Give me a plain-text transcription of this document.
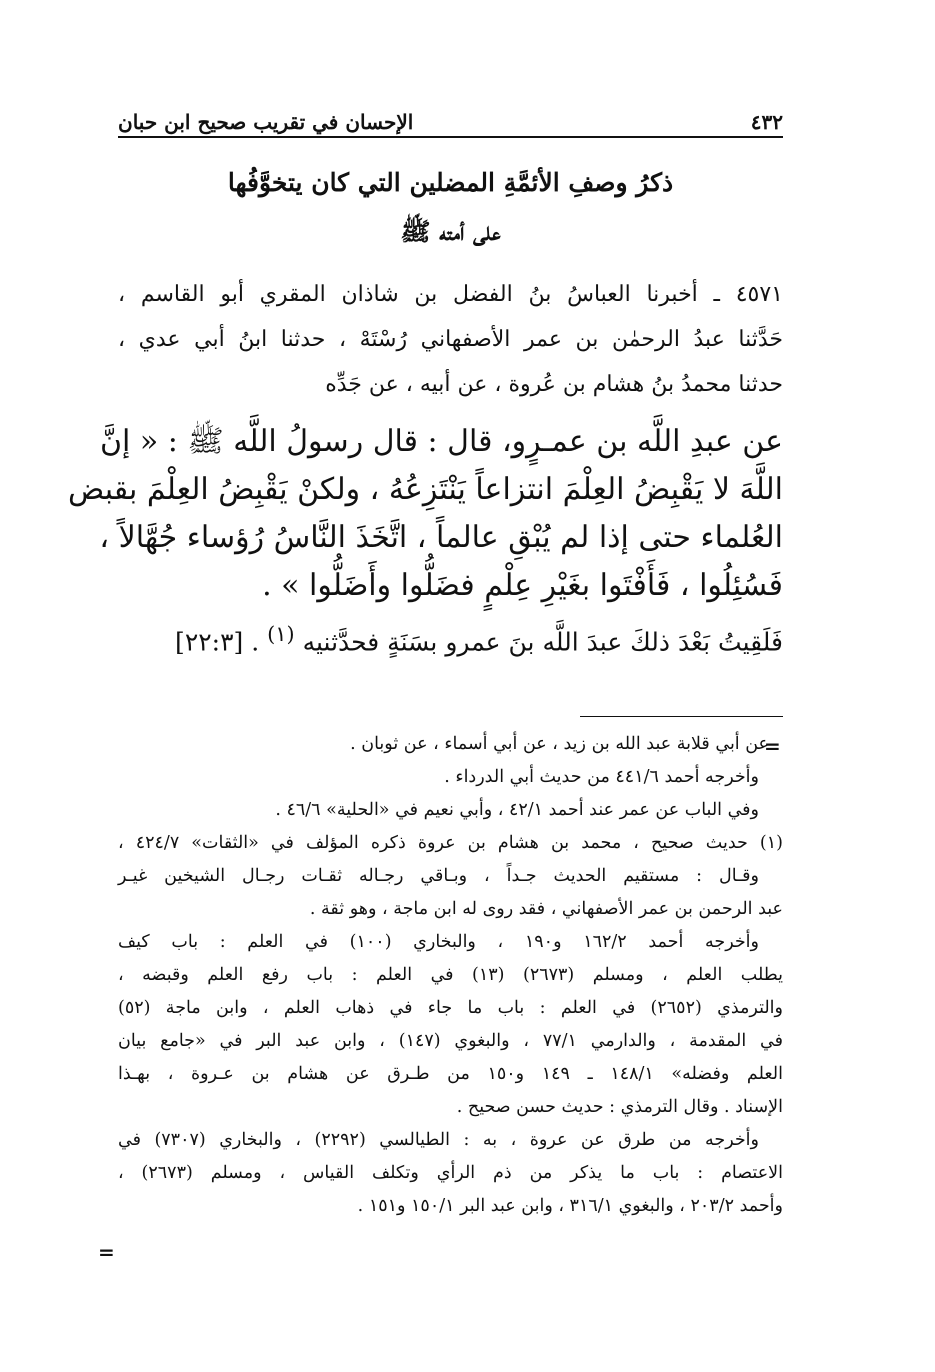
٤٣٢
الإحسان في تقريب صحيح ابن حبان
ذكرُ وصفِ الأئمَّةِ المضلين التي كان يتخوَّفُها
على أمته ﷺ
٤٥٧١ ـ أخبرنا العباسُ بنُ الفضل بن شاذان المقري أبو القاسم ،
حَدَّثنا عبدُ الرحمٰن بن عمر الأصفهاني رُسْتَهْ ، حدثنا ابنُ أبي عدي ،
حدثنا محمدُ بنُ هشام بن عُروة ، عن أبيه ، عن جَدِّه
عن عبدِ اللَّه بن عمـرٍو، قال : قال رسولُ اللَّه ﷺ : « إنَّ
اللَّهَ لا يَقْبِضُ العِلْمَ انتزاعاً يَنْتَزِعُهُ ، ولكنْ يَقْبِضُ العِلْمَ بقبض
العُلماء حتى إذا لم يُبْقِ عالماً ، اتَّخَذَ النَّاسُ رُؤساء جُهَّالاً ،
فَسُئِلُوا ، فَأَفْتَوا بغَيْرِ عِلْمٍ فضَلُّوا وأَضَلُّوا » .
فَلَقِيتُ بَعْدَ ذلكَ عبدَ اللَّه بنَ عمرو بسَنَةٍ فحدَّثنيه $^{(١)}$ . [٢٢:٣]
=
عن أبي قلابة عبد الله بن زيد ، عن أبي أسماء ، عن ثوبان .
وأخرجه أحمد ٤٤١/٦ من حديث أبي الدرداء .
وفي الباب عن عمر عند أحمد ٤٢/١ ، وأبي نعيم في «الحلية» ٤٦/٦ .
(١) حديث صحيح ، محمد بن هشام بن عروة ذكره المؤلف في «الثقات» ٤٢٤/٧ ،
وقـال : مستقيم الحديث جـداً ، وبـاقي رجـاله ثقـات رجـال الشيخين غيـر
عبد الرحمن بن عمر الأصفهاني ، فقد روى له ابن ماجة ، وهو ثقة .
وأخرجه أحمد ١٦٢/٢ و١٩٠ ، والبخاري (١٠٠) في العلم : باب كيف
يطلب العلم ، ومسلم (٢٦٧٣) (١٣) في العلم : باب رفع العلم وقبضه ،
والترمذي (٢٦٥٢) في العلم : باب ما جاء في ذهاب العلم ، وابن ماجة (٥٢)
في المقدمة ، والدارمي ٧٧/١ ، والبغوي (١٤٧) ، وابن عبد البر في «جامع بيان
العلم وفضله» ١٤٨/١ ـ ١٤٩ و١٥٠ من طـرق عن هشام بن عـروة ، بهـذا
الإسناد . وقال الترمذي : حديث حسن صحيح .
وأخرجه من طرق عن عروة ، به : الطيالسي (٢٢٩٢) ، والبخاري (٧٣٠٧) في
الاعتصام : باب ما يذكر من ذم الرأي وتكلف القياس ، ومسلم (٢٦٧٣) ،
وأحمد ٢٠٣/٢ ، والبغوي ٣١٦/١ ، وابن عبد البر ١٥٠/١ و١٥١ .
=
